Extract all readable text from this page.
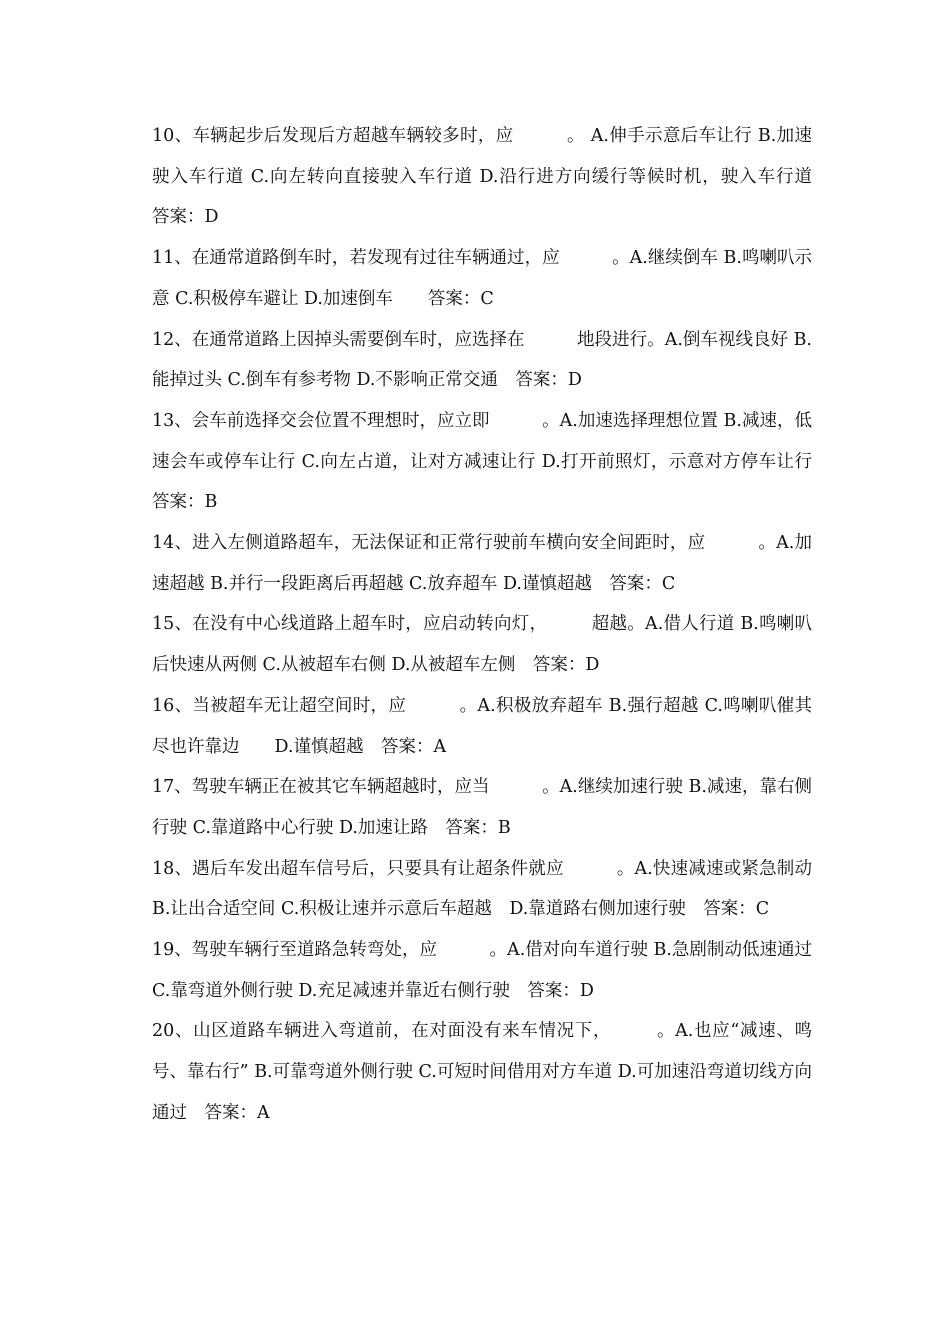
10、车辆起步后发现后方超越车辆较多时，应　　　。 A.伸手示意后车让行 B.加速驶入车行道 C.向左转向直接驶入车行道 D.沿行进方向缓行等候时机，驶入车行道　答案：D

11、在通常道路倒车时，若发现有过往车辆通过，应　　　。A.继续倒车 B.鸣喇叭示意 C.积极停车避让 D.加速倒车　　答案：C

12、在通常道路上因掉头需要倒车时，应选择在　　　地段进行。A.倒车视线良好 B.能掉过头 C.倒车有参考物 D.不影响正常交通　答案：D

13、会车前选择交会位置不理想时，应立即　　　。A.加速选择理想位置 B.减速，低速会车或停车让行 C.向左占道，让对方减速让行 D.打开前照灯，示意对方停车让行　答案：B

14、进入左侧道路超车，无法保证和正常行驶前车横向安全间距时，应　　　。A.加速超越 B.并行一段距离后再超越 C.放弃超车 D.谨慎超越　答案：C

15、在没有中心线道路上超车时，应启动转向灯，　　　超越。A.借人行道 B.鸣喇叭后快速从两侧 C.从被超车右侧 D.从被超车左侧　答案：D

16、当被超车无让超空间时，应　　　。A.积极放弃超车 B.强行超越 C.鸣喇叭催其尽也许靠边　　D.谨慎超越　答案：A

17、驾驶车辆正在被其它车辆超越时，应当　　　。A.继续加速行驶 B.减速，靠右侧行驶 C.靠道路中心行驶 D.加速让路　答案：B

18、遇后车发出超车信号后，只要具有让超条件就应　　　。A.快速减速或紧急制动 B.让出合适空间 C.积极让速并示意后车超越　D.靠道路右侧加速行驶　答案：C

19、驾驶车辆行至道路急转弯处，应　　　。A.借对向车道行驶 B.急剧制动低速通过 C.靠弯道外侧行驶 D.充足减速并靠近右侧行驶　答案：D

20、山区道路车辆进入弯道前，在对面没有来车情况下，　　　。A.也应“减速、鸣号、靠右行” B.可靠弯道外侧行驶 C.可短时间借用对方车道 D.可加速沿弯道切线方向通过　答案：A
